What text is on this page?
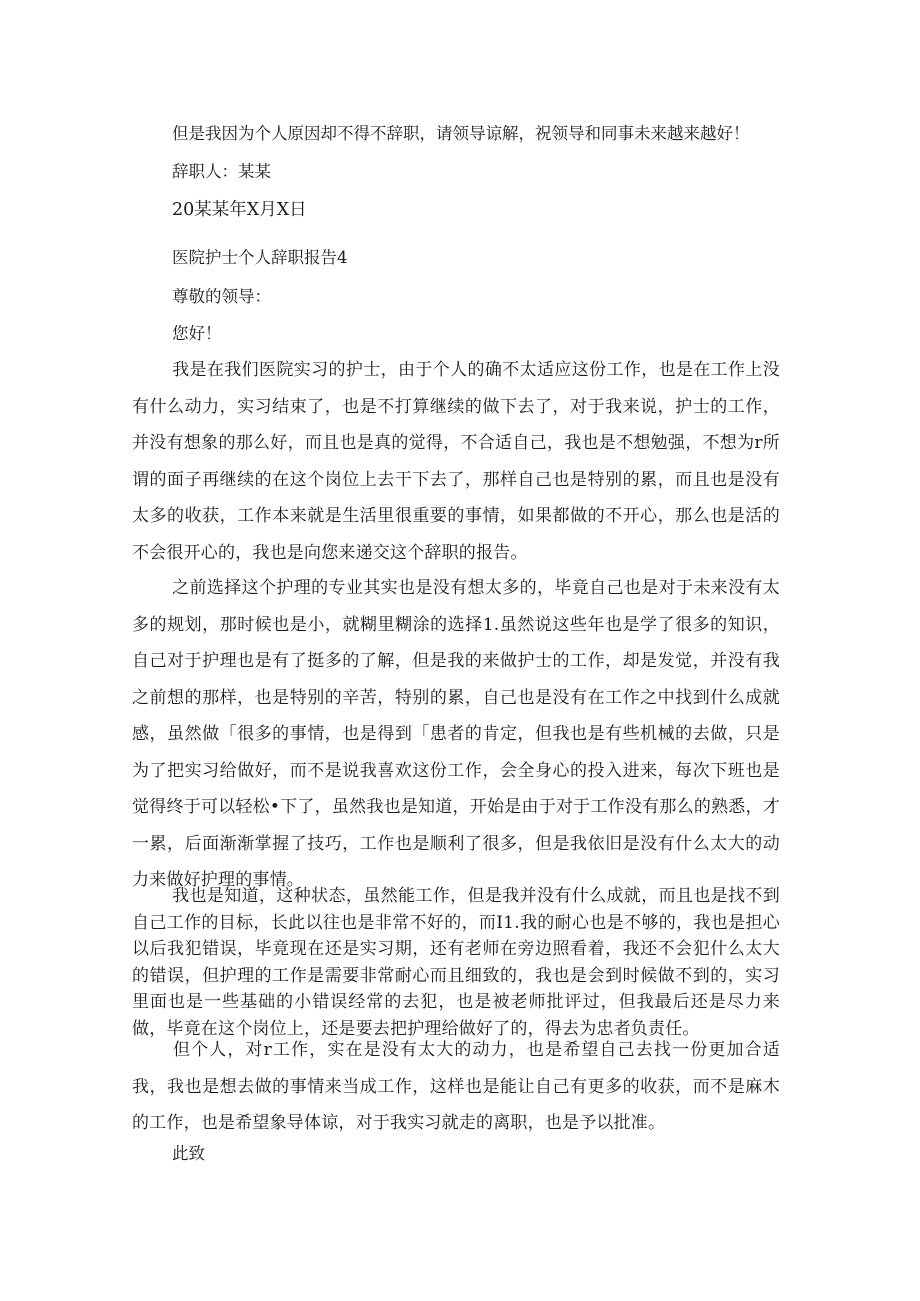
但是我因为个人原因却不得不辞职，请领导谅解，祝领导和同事未来越来越好！
辞职人：某某
20某某年X月X日
医院护士个人辞职报告4
尊敬的领导：
您好！
我是在我们医院实习的护士，由于个人的确不太适应这份工作，也是在工作上没有什么动力，实习结束了，也是不打算继续的做下去了，对于我来说，护士的工作，并没有想象的那么好，而且也是真的觉得，不合适自己，我也是不想勉强，不想为r所谓的面子再继续的在这个岗位上去干下去了，那样自己也是特别的累，而且也是没有太多的收获，工作本来就是生活里很重要的事情，如果都做的不开心，那么也是活的不会很开心的，我也是向您来递交这个辞职的报告。
之前选择这个护理的专业其实也是没有想太多的，毕竟自己也是对于未来没有太多的规划，那时候也是小，就糊里糊涂的选择1.虽然说这些年也是学了很多的知识，自己对于护理也是有了挺多的了解，但是我的来做护士的工作，却是发觉，并没有我之前想的那样，也是特别的辛苦，特别的累，自己也是没有在工作之中找到什么成就感，虽然做「很多的事情，也是得到「患者的肯定，但我也是有些机械的去做，只是为了把实习给做好，而不是说我喜欢这份工作，会全身心的投入进来，每次下班也是觉得终于可以轻松•下了，虽然我也是知道，开始是由于对于工作没有那么的熟悉，才一累，后面渐渐掌握了技巧，工作也是顺利了很多，但是我依旧是没有什么太大的动力来做好护理的事情。
我也是知道，这种状态，虽然能工作，但是我并没有什么成就，而且也是找不到自己工作的目标，长此以往也是非常不好的，而I1.我的耐心也是不够的，我也是担心以后我犯错误，毕竟现在还是实习期，还有老师在旁边照看着，我还不会犯什么太大的错误，但护理的工作是需要非常耐心而且细致的，我也是会到时候做不到的，实习里面也是一些基础的小错误经常的去犯，也是被老师批评过，但我最后还是尽力来做，毕竟在这个岗位上，还是要去把护理给做好了的，得去为忠者负责任。
但个人，对r工作，实在是没有太大的动力，也是希望自己去找一份更加合适我，我也是想去做的事情来当成工作，这样也是能让自己有更多的收获，而不是麻木的工作，也是希望象导体谅，对于我实习就走的离职，也是予以批准。
此致
